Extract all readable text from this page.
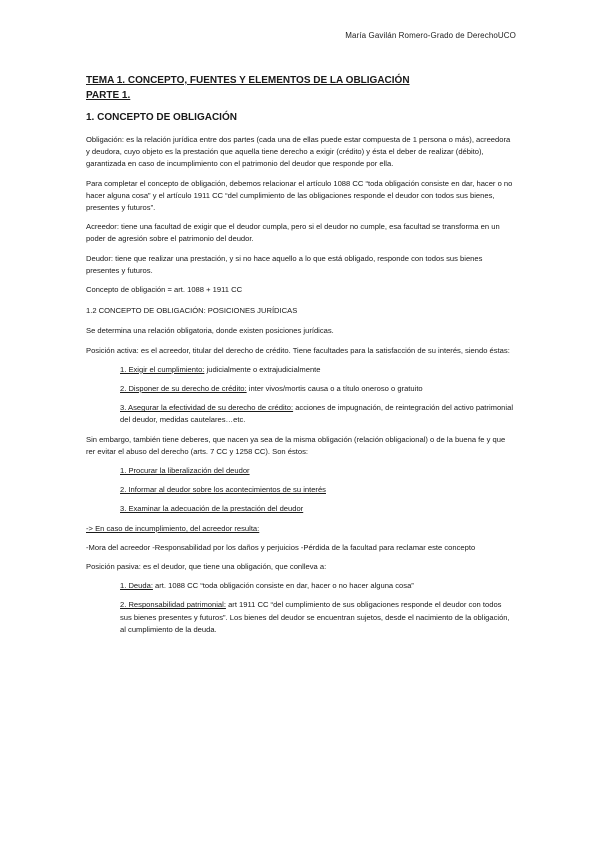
María Gavilán Romero-Grado de DerechoUCO
TEMA 1. CONCEPTO, FUENTES Y ELEMENTOS DE LA OBLIGACIÓN
PARTE 1.
1. CONCEPTO DE OBLIGACIÓN

Obligación: es la relación jurídica entre dos partes (cada una de ellas puede estar compuesta de 1 persona o más), acreedora y deudora, cuyo objeto es la prestación que aquella tiene derecho a exigir (crédito) y ésta el deber de realizar (débito), garantizada en caso de incumplimiento con el patrimonio del deudor que responde por ella.

Para completar el concepto de obligación, debemos relacionar el artículo 1088 CC “toda obligación consiste en dar, hacer o no hacer alguna cosa” y el artículo 1911 CC “del cumplimiento de las obligaciones responde el deudor con todos sus bienes, presentes y futuros”.

Acreedor: tiene una facultad de exigir que el deudor cumpla, pero si el deudor no cumple, esa facultad se transforma en un poder de agresión sobre el patrimonio del deudor.

Deudor: tiene que realizar una prestación, y si no hace aquello a lo que está obligado, responde con todos sus bienes presentes y futuros.

Concepto de obligación = art. 1088 + 1911 CC

1.2 CONCEPTO DE OBLIGACIÓN: POSICIONES JURÍDICAS

Se determina una relación obligatoria, donde existen posiciones jurídicas.

Posición activa: es el acreedor, titular del derecho de crédito. Tiene facultades para la satisfacción de su interés, siendo éstas:

1. Exigir el cumplimiento: judicialmente o extrajudicialmente

2. Disponer de su derecho de crédito: inter vivos/mortis causa o a título oneroso o gratuito

3. Asegurar la efectividad de su derecho de crédito: acciones de impugnación, de reintegración del activo patrimonial del deudor, medidas cautelares…etc.

Sin embargo, también tiene deberes, que nacen ya sea de la misma obligación (relación obligacional) o de la buena fe y que rer evitar el abuso del derecho (arts. 7 CC y 1258 CC). Son éstos:

1. Procurar la liberalización del deudor

2. Informar al deudor sobre los acontecimientos de su interés

3. Examinar la adecuación de la prestación del deudor

-> En caso de incumplimiento, del acreedor resulta:

-Mora del acreedor -Responsabilidad por los daños y perjuicios -Pérdida de la facultad para reclamar este concepto

Posición pasiva: es el deudor, que tiene una obligación, que conlleva a:

1. Deuda: art. 1088 CC “toda obligación consiste en dar, hacer o no hacer alguna cosa”

2. Responsabilidad patrimonial: art 1911 CC “del cumplimiento de sus obligaciones responde el deudor con todos sus bienes presentes y futuros”. Los bienes del deudor se encuentran sujetos, desde el nacimiento de la obligación, al cumplimiento de la deuda.
